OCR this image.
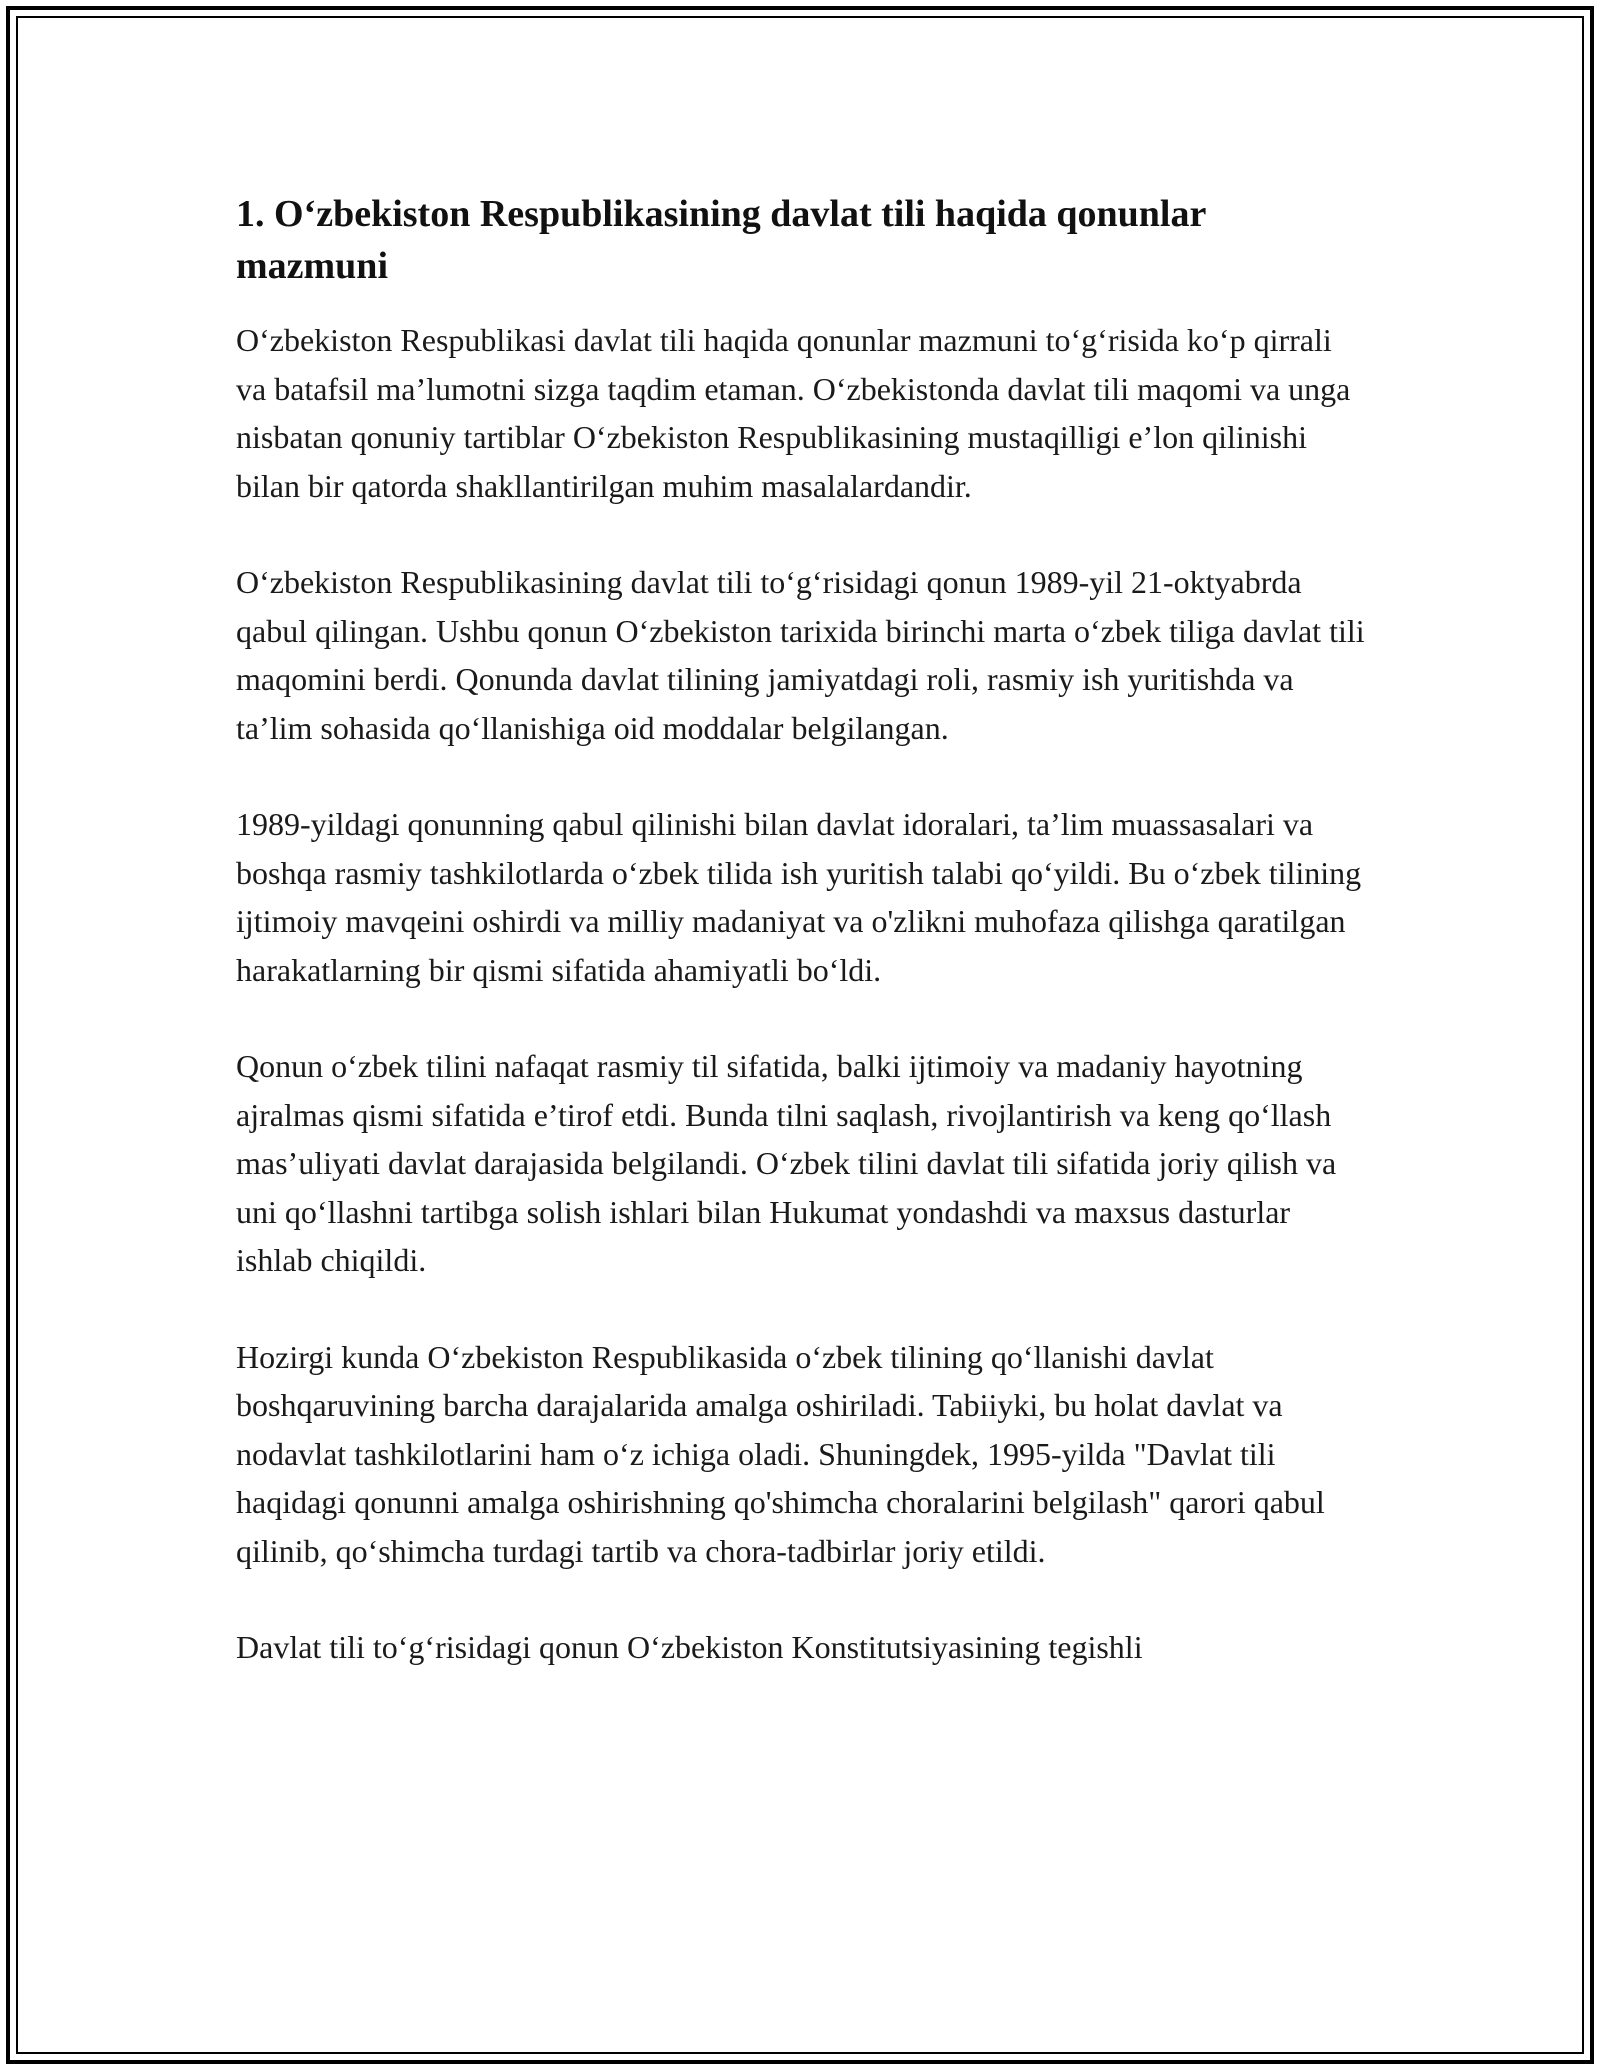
1. O‘zbekiston Respublikasining davlat tili haqida qonunlar mazmuni

O‘zbekiston Respublikasi davlat tili haqida qonunlar mazmuni to‘g‘risida ko‘p qirrali va batafsil ma’lumotni sizga taqdim etaman. O‘zbekistonda davlat tili maqomi va unga nisbatan qonuniy tartiblar O‘zbekiston Respublikasining mustaqilligi e’lon qilinishi bilan bir qatorda shakllantirilgan muhim masalalardandir.

O‘zbekiston Respublikasining davlat tili to‘g‘risidagi qonun 1989-yil 21-oktyabrda qabul qilingan. Ushbu qonun O‘zbekiston tarixida birinchi marta o‘zbek tiliga davlat tili maqomini berdi. Qonunda davlat tilining jamiyatdagi roli, rasmiy ish yuritishda va ta’lim sohasida qo‘llanishiga oid moddalar belgilangan.

1989-yildagi qonunning qabul qilinishi bilan davlat idoralari, ta’lim muassasalari va boshqa rasmiy tashkilotlarda o‘zbek tilida ish yuritish talabi qo‘yildi. Bu o‘zbek tilining ijtimoiy mavqeini oshirdi va milliy madaniyat va o'zlikni muhofaza qilishga qaratilgan harakatlarning bir qismi sifatida ahamiyatli bo‘ldi.

Qonun o‘zbek tilini nafaqat rasmiy til sifatida, balki ijtimoiy va madaniy hayotning ajralmas qismi sifatida e’tirof etdi. Bunda tilni saqlash, rivojlantirish va keng qo‘llash mas’uliyati davlat darajasida belgilandi. O‘zbek tilini davlat tili sifatida joriy qilish va uni qo‘llashni tartibga solish ishlari bilan Hukumat yondashdi va maxsus dasturlar ishlab chiqildi.

Hozirgi kunda O‘zbekiston Respublikasida o‘zbek tilining qo‘llanishi davlat boshqaruvining barcha darajalarida amalga oshiriladi. Tabiiyki, bu holat davlat va nodavlat tashkilotlarini ham o‘z ichiga oladi. Shuningdek, 1995-yilda "Davlat tili haqidagi qonunni amalga oshirishning qo'shimcha choralarini belgilash" qarori qabul qilinib, qo‘shimcha turdagi tartib va chora-tadbirlar joriy etildi.

Davlat tili to‘g‘risidagi qonun O‘zbekiston Konstitutsiyasining tegishli
